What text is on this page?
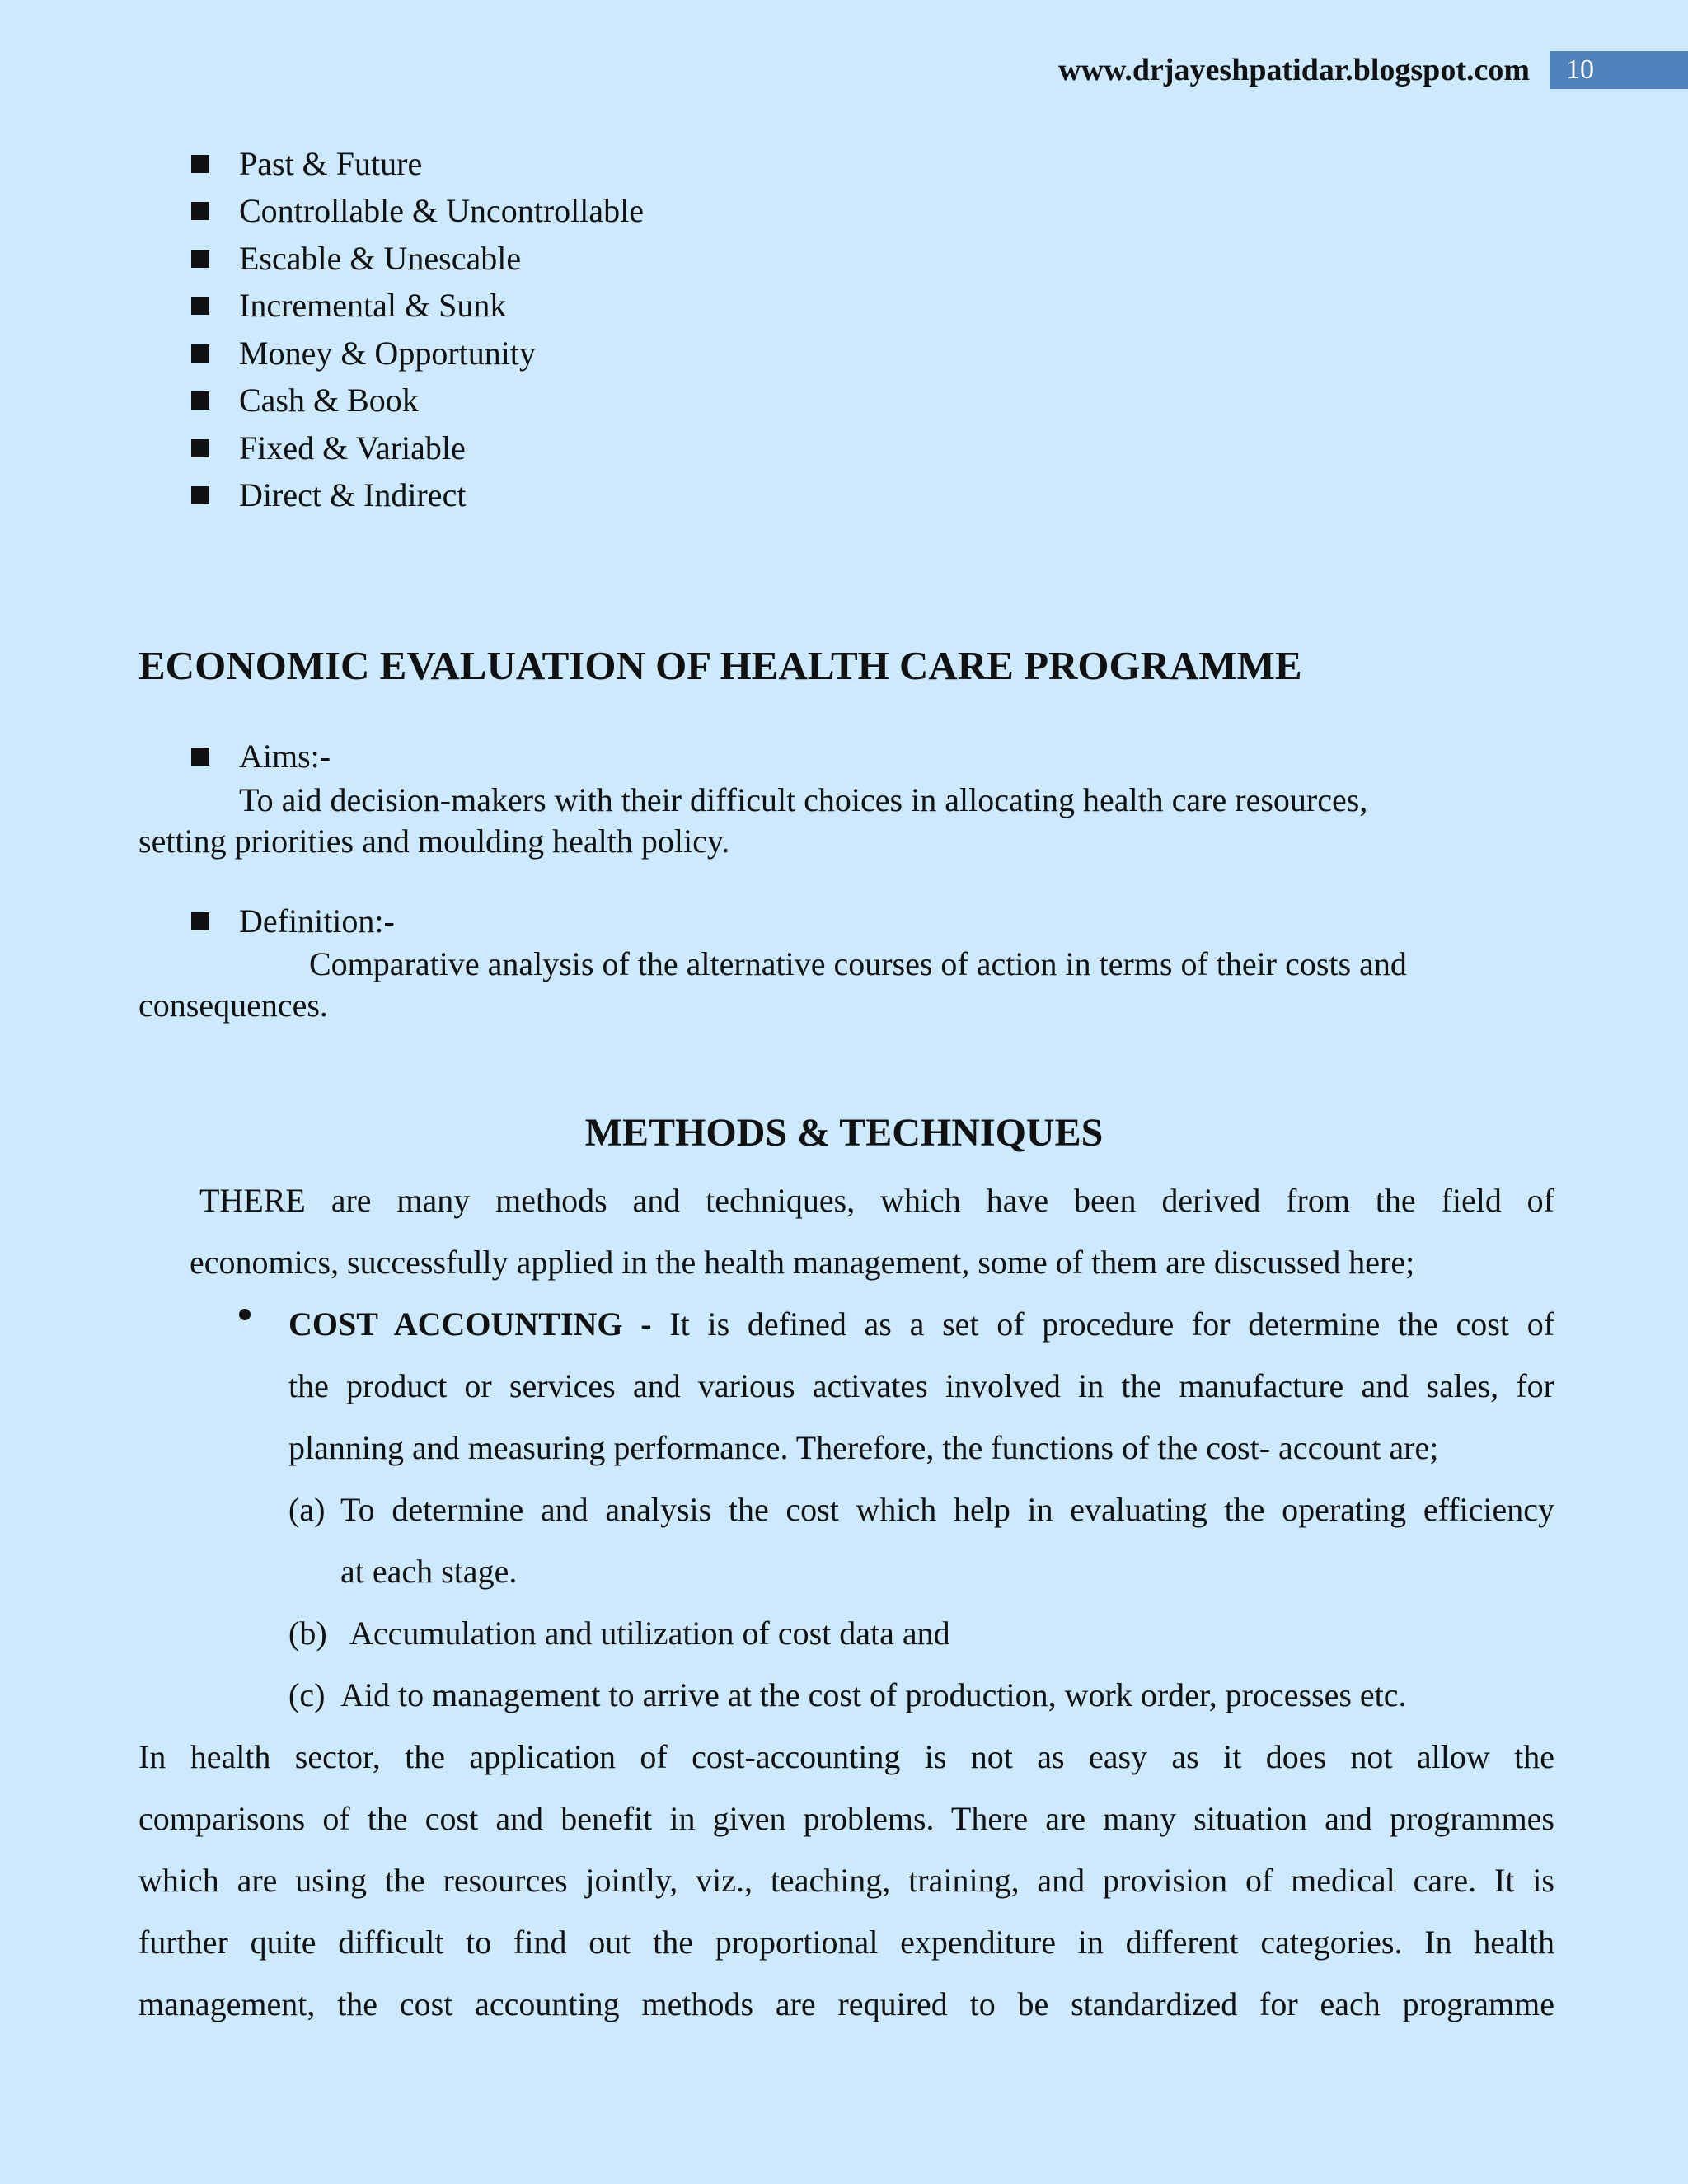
www.drjayeshpatidar.blogspot.com	10
Past & Future
Controllable & Uncontrollable
Escable & Unescable
Incremental & Sunk
Money & Opportunity
Cash & Book
Fixed & Variable
Direct & Indirect
ECONOMIC EVALUATION OF HEALTH CARE PROGRAMME
Aims:-
To aid decision-makers with their difficult choices in allocating health care resources,
setting priorities and moulding health policy.
Definition:-
Comparative analysis of the alternative courses of action in terms of their costs and
consequences.
METHODS & TECHNIQUES
THERE are many methods and techniques, which have been derived from the field of
economics, successfully applied in the health management, some of them are discussed here;
COST ACCOUNTING - It is defined as a set of procedure for determine the cost of
the product or services and various activates involved in the manufacture and sales, for
planning and measuring performance. Therefore, the functions of the cost- account are;
(a) To determine and analysis the cost which help in evaluating the operating efficiency
at each stage.
(b) Accumulation and utilization of cost data and
(c) Aid to management to arrive at the cost of production, work order, processes etc.
In health sector, the application of cost-accounting is not as easy as it does not allow the
comparisons of the cost and benefit in given problems. There are many situation and programmes
which are using the resources jointly, viz., teaching, training, and provision of medical care. It is
further quite difficult to find out the proportional expenditure in different categories. In health
management, the cost accounting methods are required to be standardized for each programme
